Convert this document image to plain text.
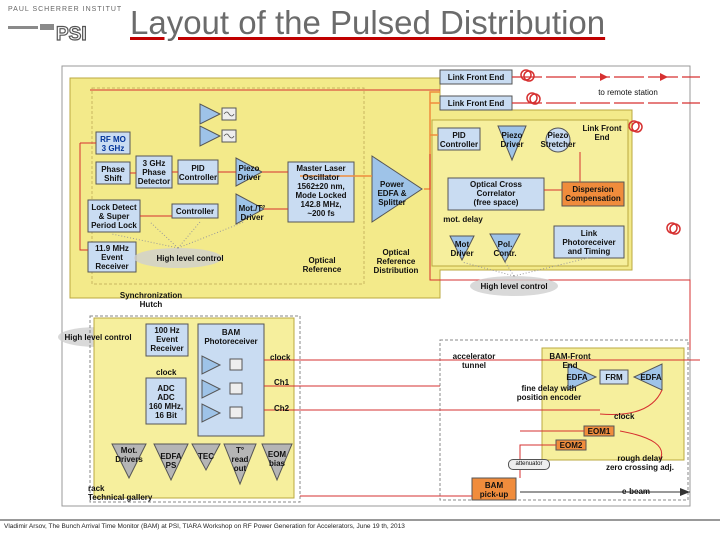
PSI
PAUL SCHERRER INSTITUT Layout of the Pulsed Distribution
Link Front End
Link Front End
to remote station
RF MO
3 GHz
Phase
Shift
3 GHz
Phase
Detector
PID
Controller
Piezo
Driver
Master Laser
Oscillator
1562±20 nm,
Mode Locked
142.8 MHz,
~200 fs
Lock Detect
& Super
Period Lock
Controller	Mot./T°
Driver
11.9 MHz
Event
Receiver
High level control	Optical
Reference
Power
EDFA &
Splitter
Optical
Reference
Distribution
PID
Controller
Piezo
Driver
Piezo
Stretcher
Link Front
End
Optical Cross
Correlator
(free space)
Dispersion
Compensation
mot. delay
Mot
Driver
Pol.
Contr.
Link
Photoreceiver
and Timing
High level control
Synchronization
Hutch
High level control
100 Hz
Event
Receiver
BAM
Photoreceiver
clock
clock
ADC
ADC
160 MHz,
16 Bit
Ch1
Ch2
Mot.
Drivers	EDFA
PS
TEC
T°
read
out
EOM
bias
rack
Technical gallery
accelerator
tunnel
BAM-Front
End
EDFA	FRM	EDFA
fine delay with
position encoder
clock
EOM1
EOM2
attenuator
rough delay
zero crossing adj.
BAM
pick-up	e-beam
Vladimir Arsov, The Bunch Arrival Time Monitor (BAM) at PSI, TIARA Workshop on RF Power Generation for Accelerators, June 19 th, 2013
